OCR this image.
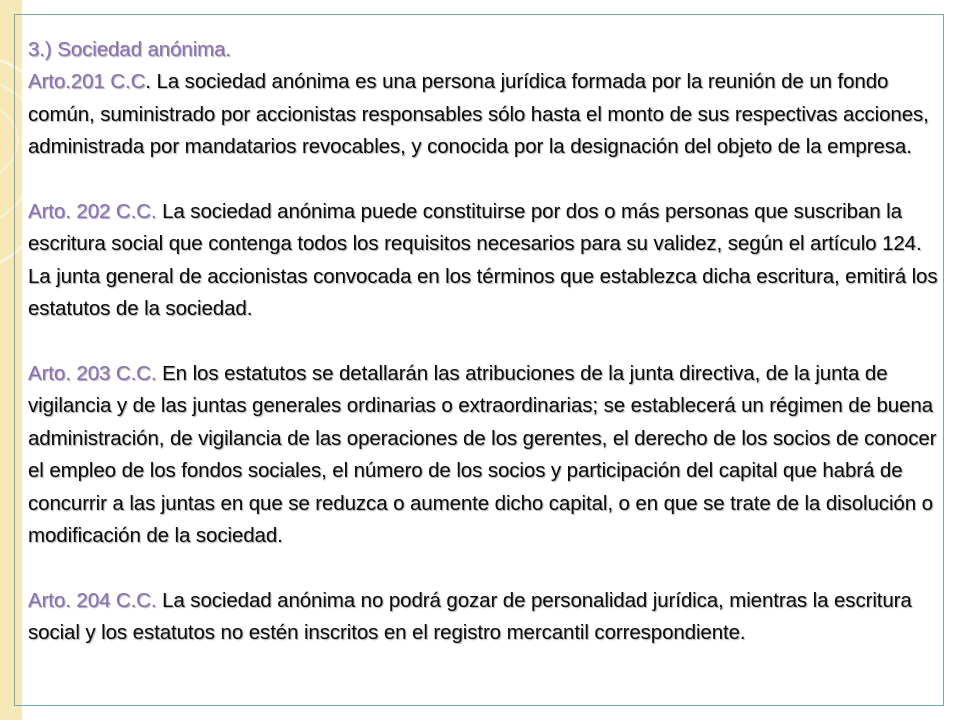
3.) Sociedad anónima.

Arto.201 C.C. La sociedad anónima es una persona jurídica formada por la reunión de un fondo común, suministrado por accionistas responsables sólo hasta el monto de sus respectivas acciones, administrada por mandatarios revocables, y conocida por la designación del objeto de la empresa.

Arto. 202 C.C. La sociedad anónima puede constituirse por dos o más personas que suscriban la escritura social que contenga todos los requisitos necesarios para su validez, según el artículo 124. La junta general de accionistas convocada en los términos que establezca dicha escritura, emitirá los estatutos de la sociedad.

Arto. 203 C.C. En los estatutos se detallarán las atribuciones de la junta directiva, de la junta de vigilancia y de las juntas generales ordinarias o extraordinarias; se establecerá un régimen de buena administración, de vigilancia de las operaciones de los gerentes, el derecho de los socios de conocer el empleo de los fondos sociales, el número de los socios y participación del capital que habrá de concurrir a las juntas en que se reduzca o aumente dicho capital, o en que se trate de la disolución o modificación de la sociedad.

Arto. 204 C.C. La sociedad anónima no podrá gozar de personalidad jurídica, mientras la escritura social y los estatutos no estén inscritos en el registro mercantil correspondiente.
